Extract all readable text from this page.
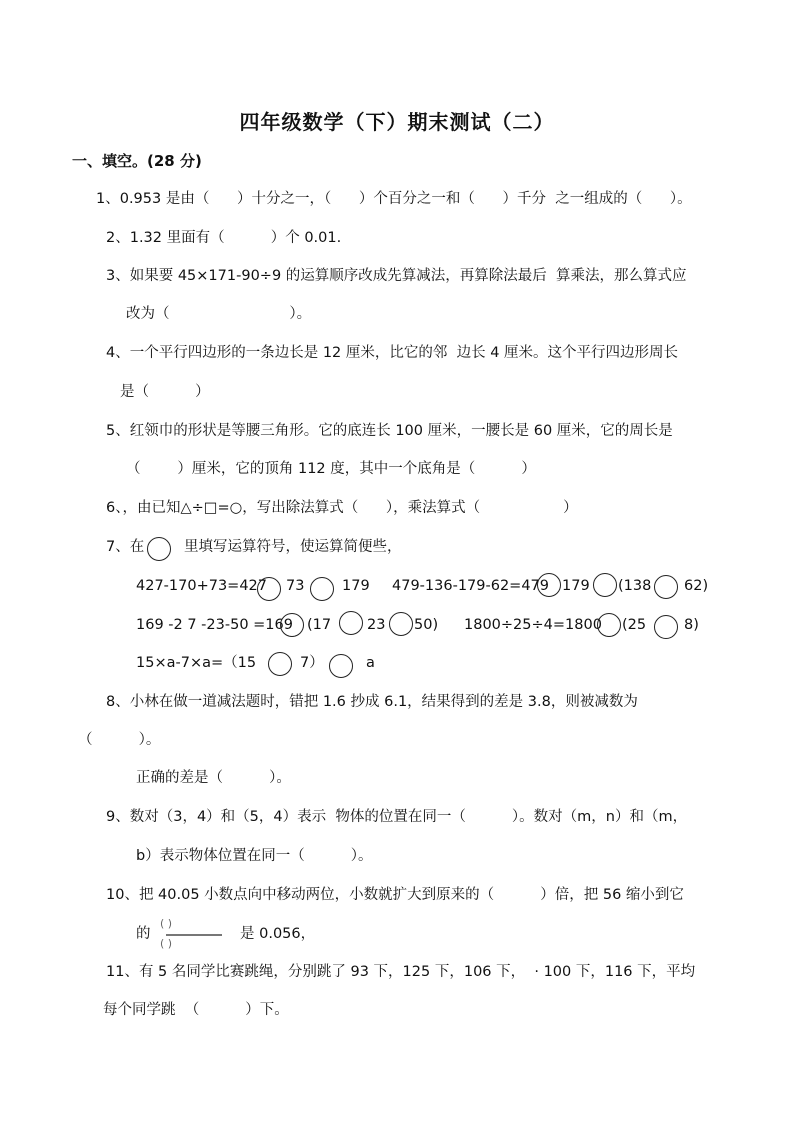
四年级数学（下）期末测试（二）
一、填空。(28 分)
1、0.953 是由（      ）十分之一，（      ）个百分之一和（      ）千分  之一组成的（      ）。
2、1.32 里面有（          ）个 0.01.
3、如果要 45×171-90÷9 的运算顺序改成先算减法，再算除法最后  算乘法，那么算式应
改为（                          ）。
4、一个平行四边形的一条边长是 12 厘米，比它的邻  边长 4 厘米。这个平行四边形周长
是（          ）
5、红领巾的形状是等腰三角形。它的底连长 100 厘米，一腰长是 60 厘米，它的周长是
（        ）厘米，它的顶角 112 度，其中一个底角是（          ）
6、，由已知△÷□=○，写出除法算式（      ），乘法算式（                  ）
7、在	里填写运算符号，使运算简便些，
427-170+73=427 73	179 479-136-179-62=479 179 (138 62)
169 -2 7 -23-50 =169 (17 23 50) 1800÷25÷4=1800 (25	8)
15×a-7×a=（15	7）	a
8、小林在做一道减法题时，错把 1.6 抄成 6.1，结果得到的差是 3.8，则被减数为
（          ）。
正确的差是（          ）。
9、数对（3，4）和（5，4）表示  物体的位置在同一（          ）。数对（m，n）和（m，
b）表示物体位置在同一（          ）。
10、把 40.05 小数点向中移动两位，小数就扩大到原来的（          ）倍，把 56 缩小到它
的
( )
( )
是 0.056，
11、有 5 名同学比赛跳绳，分别跳了 93 下，125 下，106 下，  · 100 下，116 下，平均
每个同学跳  （          ）下。
